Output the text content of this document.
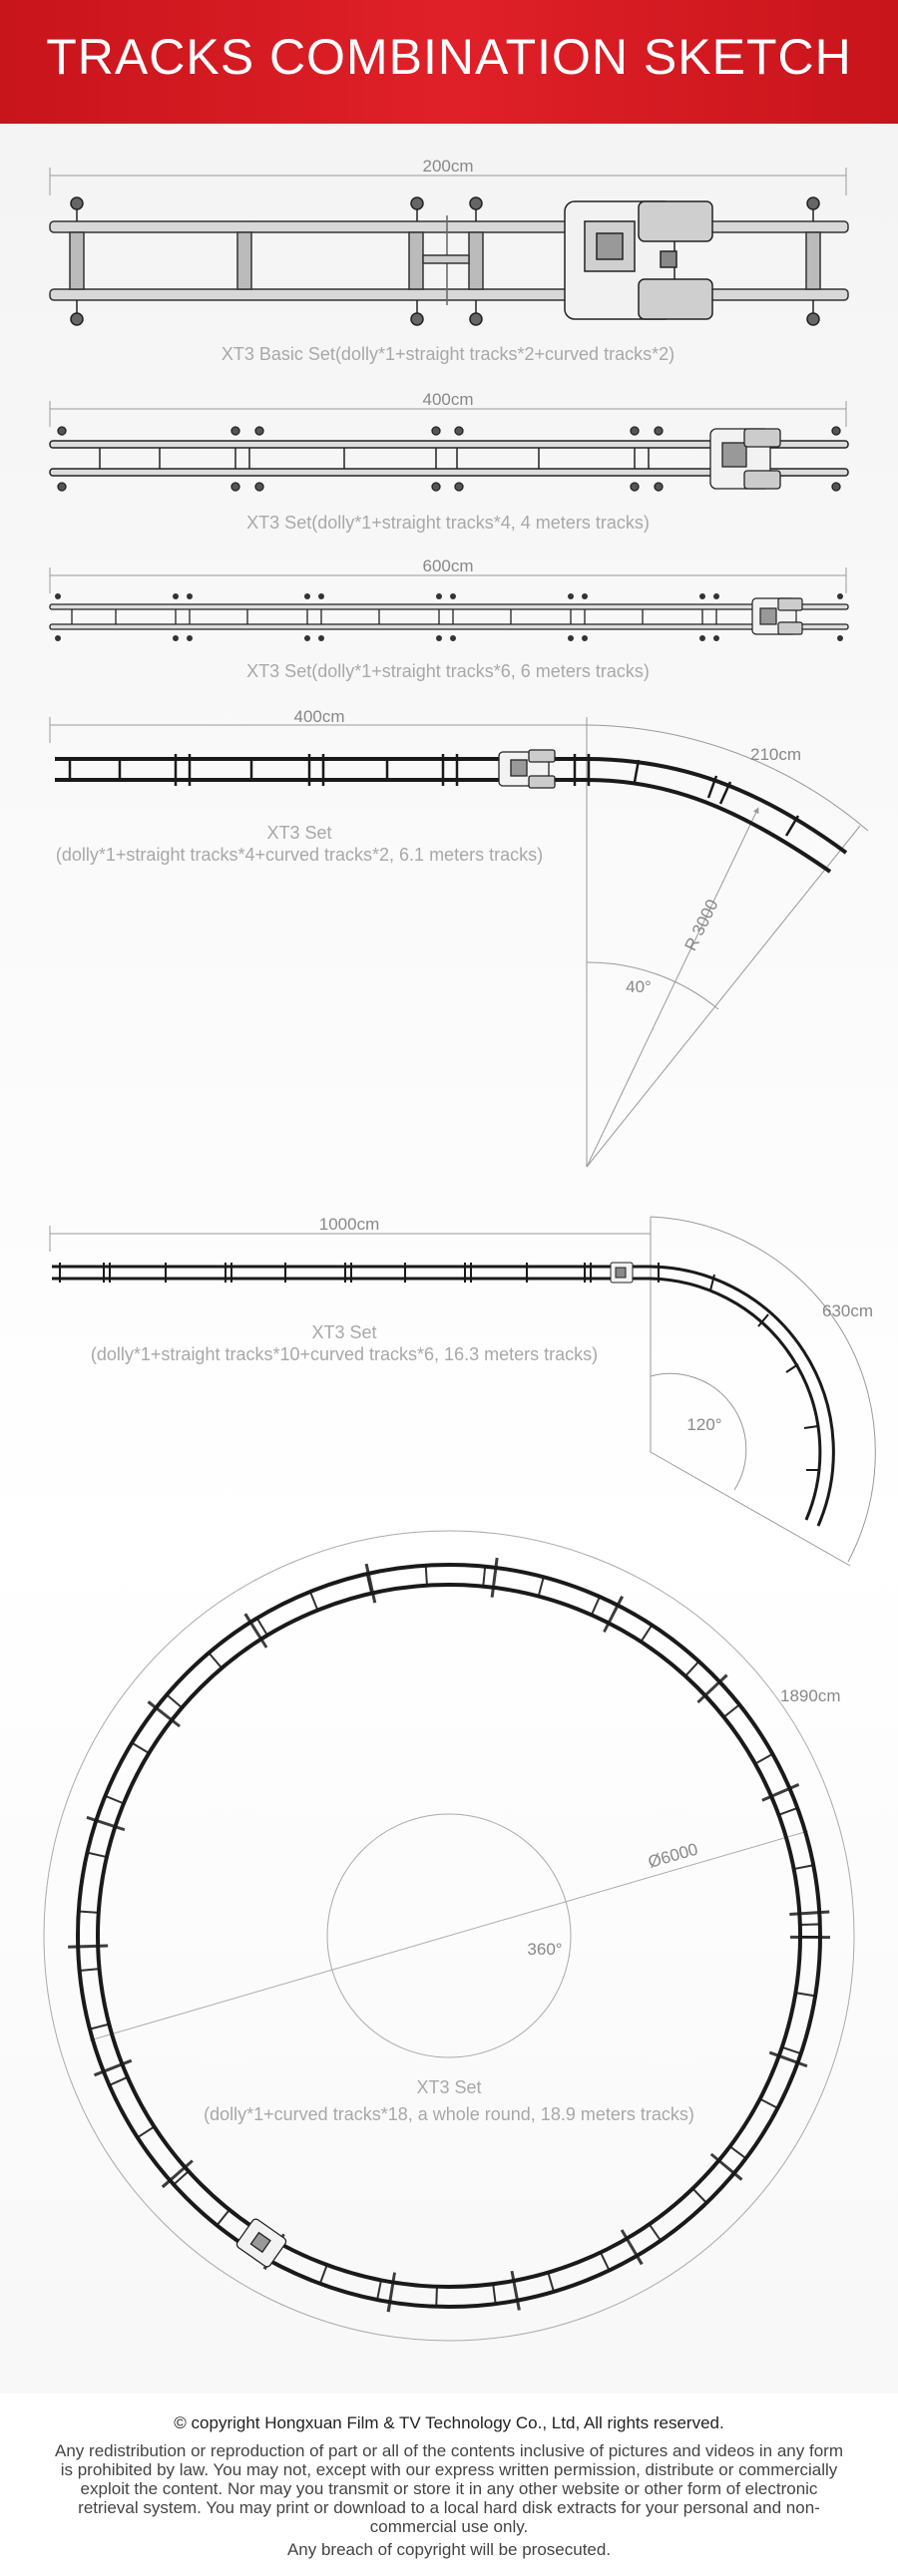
TRACKS COMBINATION SKETCH
200cm
XT3 Basic Set(dolly*1+straight tracks*2+curved tracks*2)
400cm
XT3 Set(dolly*1+straight tracks*4, 4 meters tracks)
600cm
XT3 Set(dolly*1+straight tracks*6, 6 meters tracks)
400cm
210cm
R 3000
40°
XT3 Set
(dolly*1+straight tracks*4+curved tracks*2, 6.1 meters tracks)
1000cm
630cm
120°
XT3 Set
(dolly*1+straight tracks*10+curved tracks*6, 16.3 meters tracks)
1890cm
Ø6000
360°
XT3 Set
(dolly*1+curved tracks*18, a whole round, 18.9 meters tracks)
© copyright Hongxuan Film & TV Technology Co., Ltd, All rights reserved.
Any redistribution or reproduction of part or all of the contents inclusive of pictures and videos in any form is prohibited by law. You may not, except with our express written permission, distribute or commercially exploit the content. Nor may you transmit or store it in any other website or other form of electronic retrieval system. You may print or download to a local hard disk extracts for your personal and non-commercial use only.
Any breach of copyright will be prosecuted.
